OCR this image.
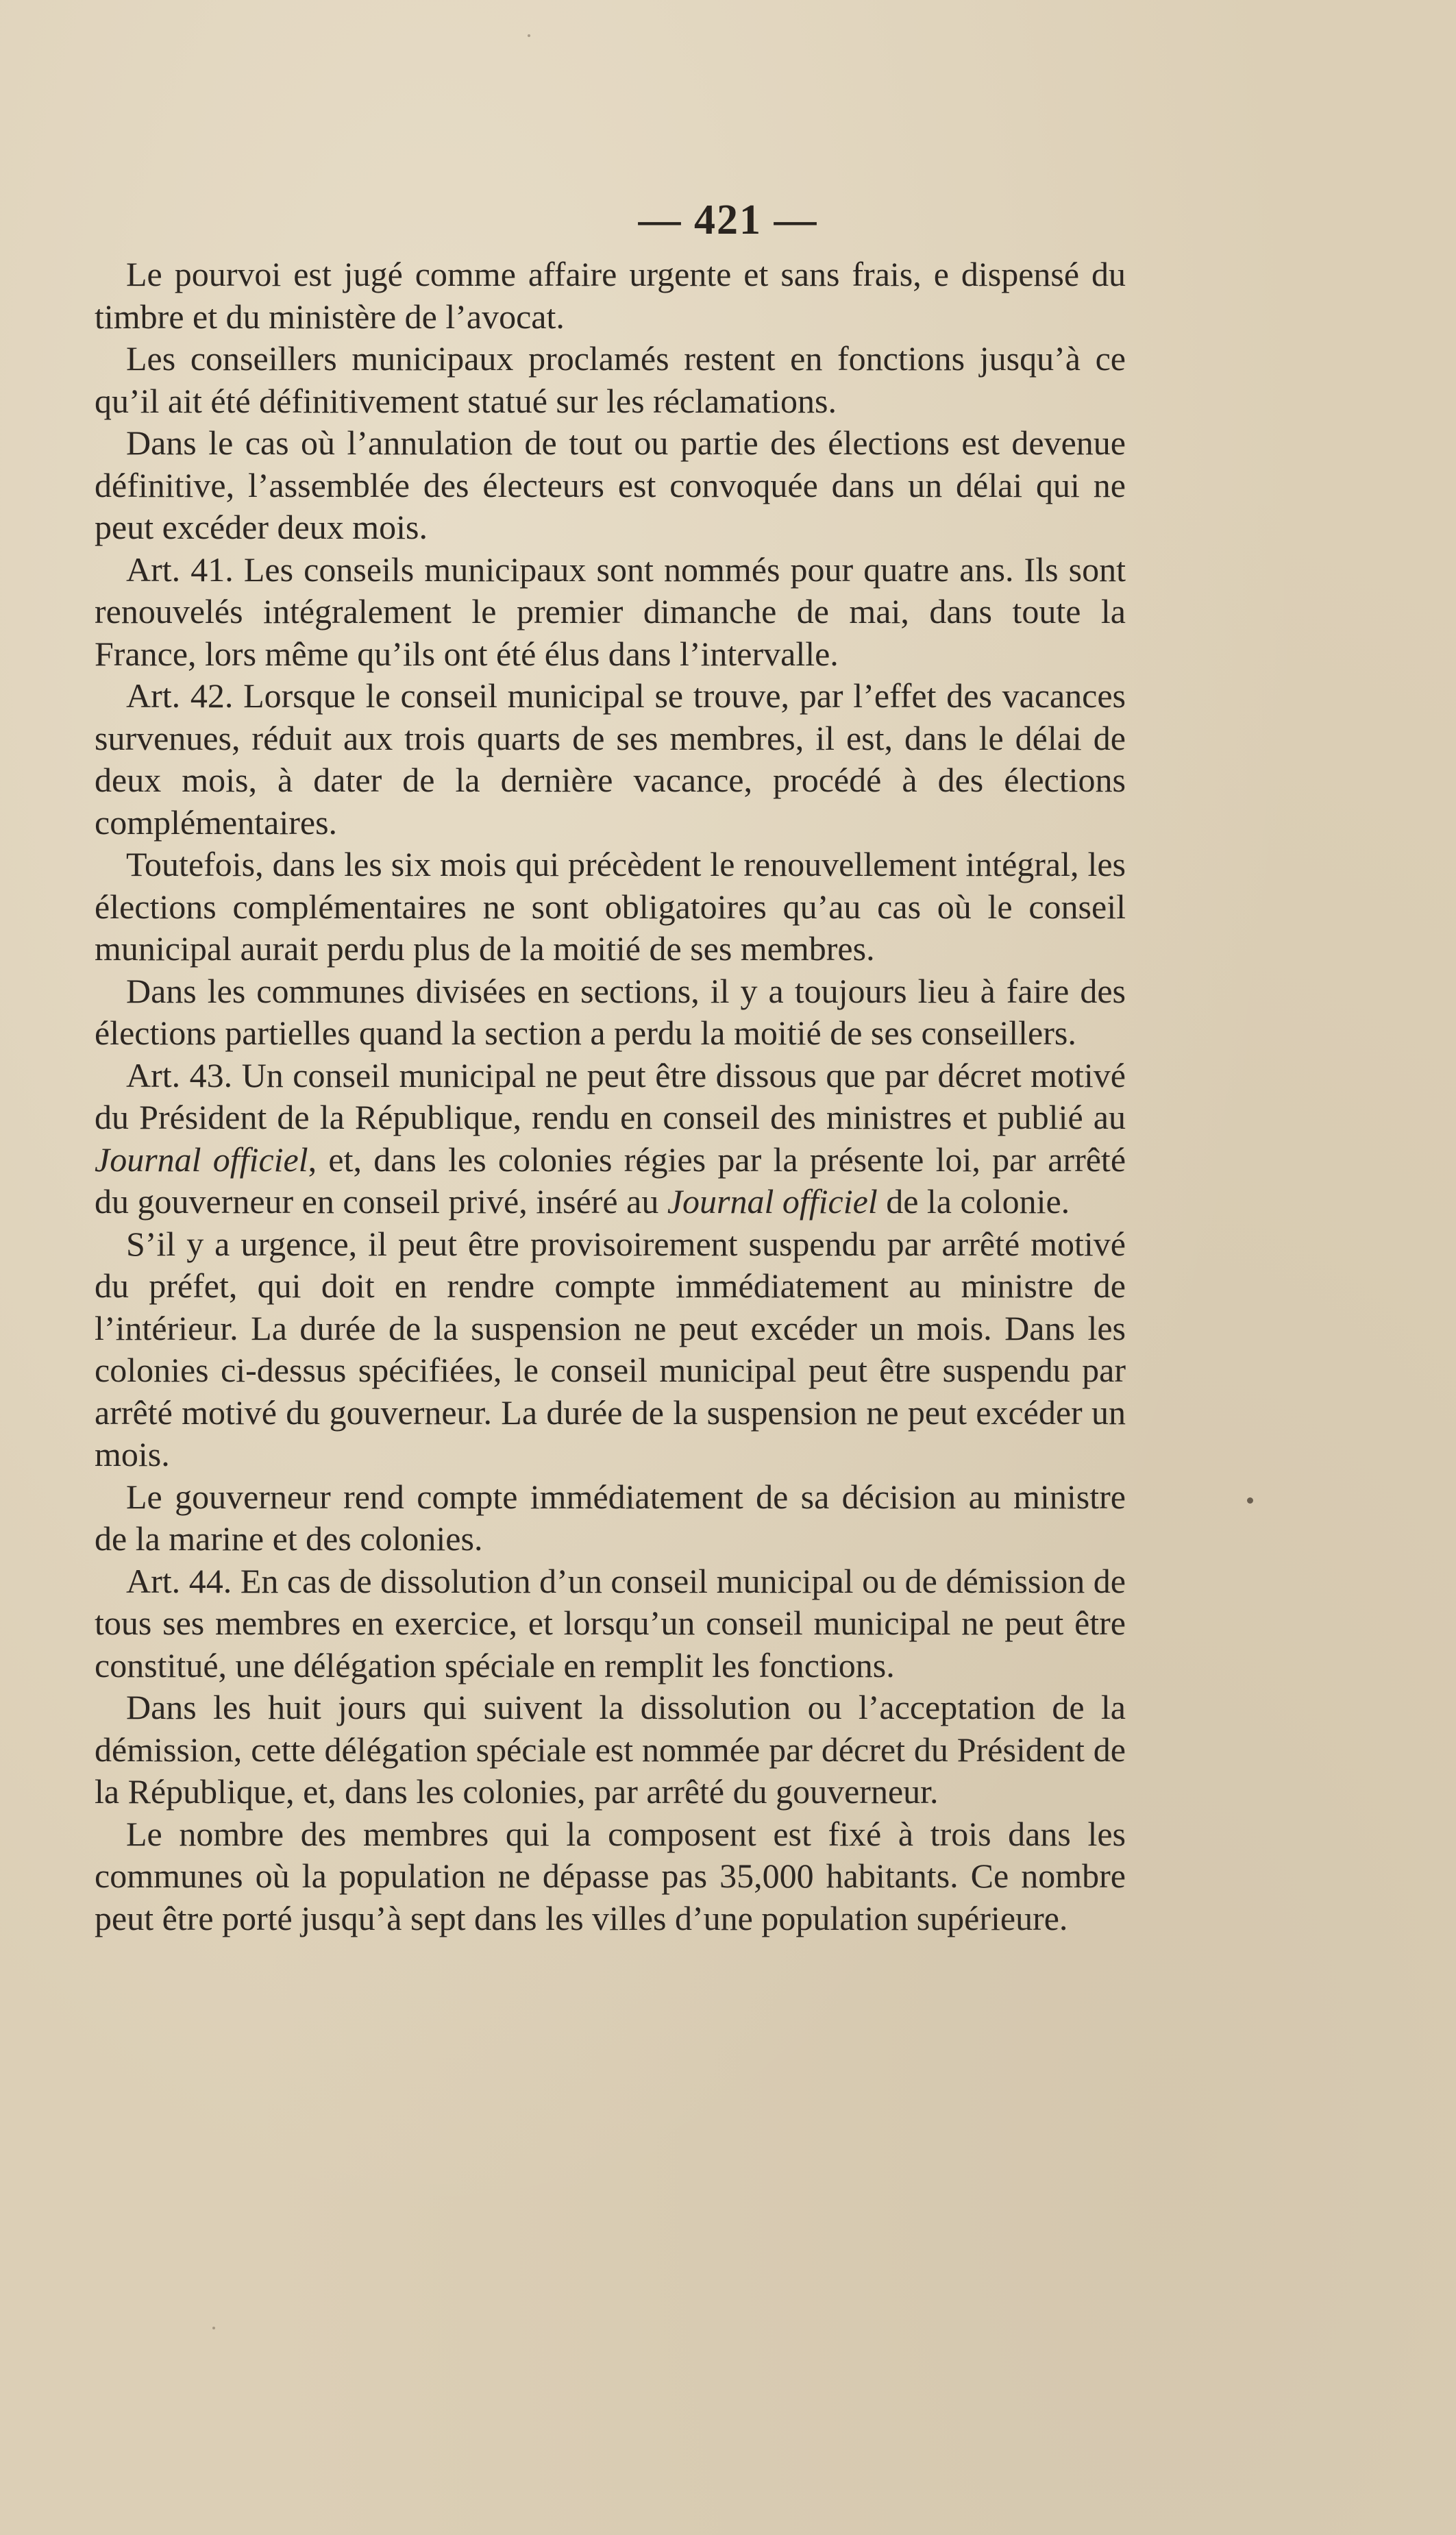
— 421 —

Le pourvoi est jugé comme affaire urgente et sans frais, e dispensé du timbre et du ministère de l’avocat.

Les conseillers municipaux proclamés restent en fonctions jusqu’à ce qu’il ait été définitivement statué sur les réclamations.

Dans le cas où l’annulation de tout ou partie des élections est devenue définitive, l’assemblée des électeurs est convoquée dans un délai qui ne peut excéder deux mois.

Art. 41. Les conseils municipaux sont nommés pour quatre ans. Ils sont renouvelés intégralement le premier dimanche de mai, dans toute la France, lors même qu’ils ont été élus dans l’intervalle.

Art. 42. Lorsque le conseil municipal se trouve, par l’effet des vacances survenues, réduit aux trois quarts de ses membres, il est, dans le délai de deux mois, à dater de la dernière vacance, procédé à des élections complémentaires.

Toutefois, dans les six mois qui précèdent le renouvellement intégral, les élections complémentaires ne sont obligatoires qu’au cas où le conseil municipal aurait perdu plus de la moitié de ses membres.

Dans les communes divisées en sections, il y a toujours lieu à faire des élections partielles quand la section a perdu la moitié de ses conseillers.

Art. 43. Un conseil municipal ne peut être dissous que par décret motivé du Président de la République, rendu en conseil des ministres et publié au Journal officiel, et, dans les colonies régies par la présente loi, par arrêté du gouverneur en conseil privé, inséré au Journal officiel de la colonie.

S’il y a urgence, il peut être provisoirement suspendu par arrêté motivé du préfet, qui doit en rendre compte immédiatement au ministre de l’intérieur. La durée de la suspension ne peut excéder un mois. Dans les colonies ci-dessus spécifiées, le conseil municipal peut être suspendu par arrêté motivé du gouverneur. La durée de la suspension ne peut excéder un mois.

Le gouverneur rend compte immédiatement de sa décision au ministre de la marine et des colonies.

Art. 44. En cas de dissolution d’un conseil municipal ou de démission de tous ses membres en exercice, et lorsqu’un conseil municipal ne peut être constitué, une délégation spéciale en remplit les fonctions.

Dans les huit jours qui suivent la dissolution ou l’acceptation de la démission, cette délégation spéciale est nommée par décret du Président de la République, et, dans les colonies, par arrêté du gouverneur.

Le nombre des membres qui la composent est fixé à trois dans les communes où la population ne dépasse pas 35,000 habitants. Ce nombre peut être porté jusqu’à sept dans les villes d’une population supérieure.
